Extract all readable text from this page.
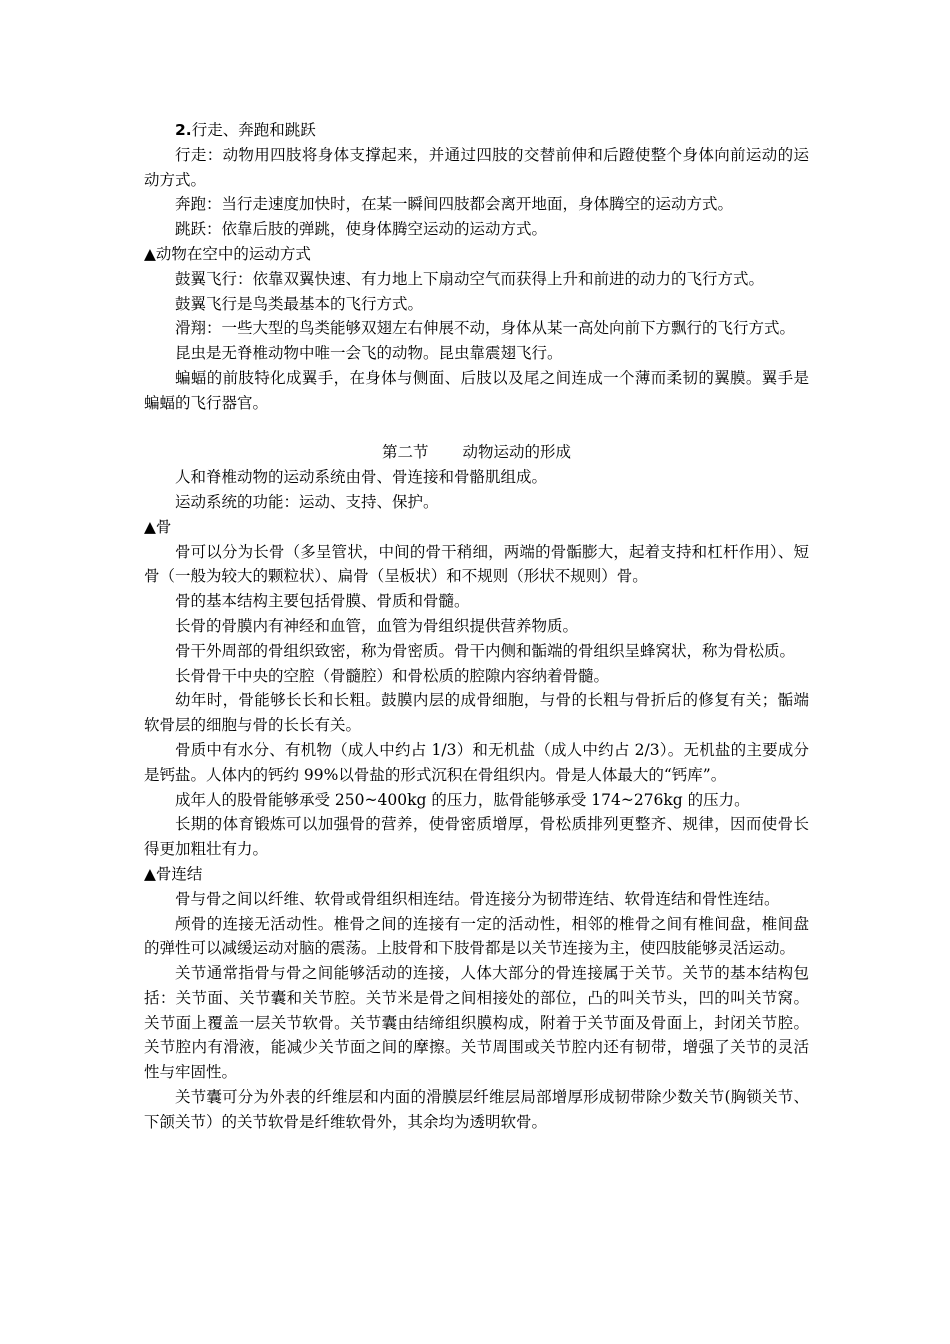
2.行走、奔跑和跳跃

行走：动物用四肢将身体支撑起来，并通过四肢的交替前伸和后蹬使整个身体向前运动的运动方式。

奔跑：当行走速度加快时，在某一瞬间四肢都会离开地面，身体腾空的运动方式。

跳跃：依靠后肢的弹跳，使身体腾空运动的运动方式。

▲动物在空中的运动方式

鼓翼飞行：依靠双翼快速、有力地上下扇动空气而获得上升和前进的动力的飞行方式。

鼓翼飞行是鸟类最基本的飞行方式。

滑翔：一些大型的鸟类能够双翅左右伸展不动，身体从某一高处向前下方飘行的飞行方式。

昆虫是无脊椎动物中唯一会飞的动物。昆虫靠震翅飞行。

蝙蝠的前肢特化成翼手，在身体与侧面、后肢以及尾之间连成一个薄而柔韧的翼膜。翼手是蝙蝠的飞行器官。

第二节 动物运动的形成

人和脊椎动物的运动系统由骨、骨连接和骨骼肌组成。

运动系统的功能：运动、支持、保护。

▲骨

骨可以分为长骨（多呈管状，中间的骨干稍细，两端的骨骺膨大，起着支持和杠杆作用）、短骨（一般为较大的颗粒状）、扁骨（呈板状）和不规则（形状不规则）骨。

骨的基本结构主要包括骨膜、骨质和骨髓。

长骨的骨膜内有神经和血管，血管为骨组织提供营养物质。

骨干外周部的骨组织致密，称为骨密质。骨干内侧和骺端的骨组织呈蜂窝状，称为骨松质。

长骨骨干中央的空腔（骨髓腔）和骨松质的腔隙内容纳着骨髓。

幼年时，骨能够长长和长粗。鼓膜内层的成骨细胞，与骨的长粗与骨折后的修复有关；骺端软骨层的细胞与骨的长长有关。

骨质中有水分、有机物（成人中约占 1/3）和无机盐（成人中约占 2/3）。无机盐的主要成分是钙盐。人体内的钙约 99%以骨盐的形式沉积在骨组织内。骨是人体最大的“钙库”。

成年人的股骨能够承受 250~400kg 的压力，肱骨能够承受 174~276kg 的压力。

长期的体育锻炼可以加强骨的营养，使骨密质增厚，骨松质排列更整齐、规律，因而使骨长得更加粗壮有力。

▲骨连结

骨与骨之间以纤维、软骨或骨组织相连结。骨连接分为韧带连结、软骨连结和骨性连结。

颅骨的连接无活动性。椎骨之间的连接有一定的活动性，相邻的椎骨之间有椎间盘，椎间盘的弹性可以减缓运动对脑的震荡。上肢骨和下肢骨都是以关节连接为主，使四肢能够灵活运动。

关节通常指骨与骨之间能够活动的连接，人体大部分的骨连接属于关节。关节的基本结构包括：关节面、关节囊和关节腔。关节米是骨之间相接处的部位，凸的叫关节头，凹的叫关节窝。关节面上覆盖一层关节软骨。关节囊由结缔组织膜构成，附着于关节面及骨面上，封闭关节腔。关节腔内有滑液，能减少关节面之间的摩擦。关节周围或关节腔内还有韧带，增强了关节的灵活性与牢固性。

关节囊可分为外表的纤维层和内面的滑膜层纤维层局部增厚形成韧带除少数关节(胸锁关节、下颌关节）的关节软骨是纤维软骨外，其余均为透明软骨。
